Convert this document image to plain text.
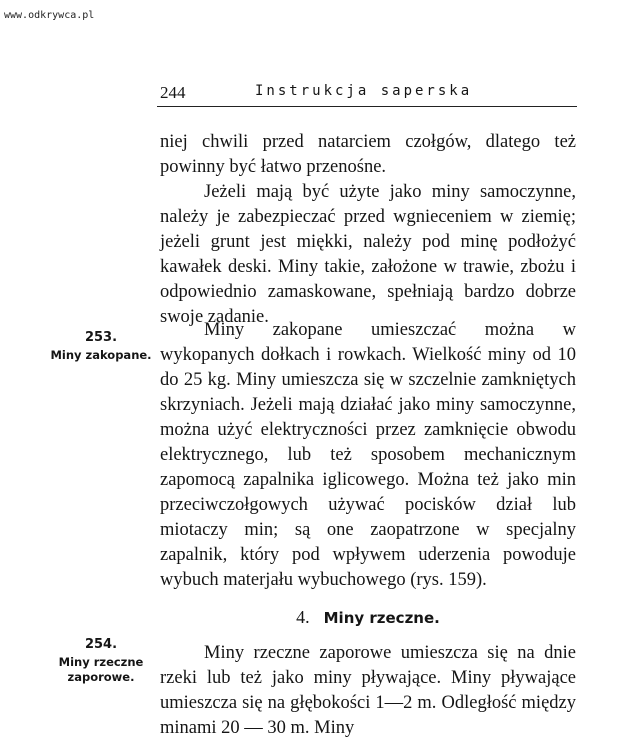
www.odkrywca.pl
244	Instrukcja saperska

niej chwili przed natarciem czołgów, dlatego też powinny być łatwo przenośne.

Jeżeli mają być użyte jako miny samoczynne, należy je zabezpieczać przed wgnieceniem w ziemię; jeżeli grunt jest miękki, należy pod minę podłożyć kawałek deski. Miny takie, założone w trawie, zbożu i odpowiednio zamaskowane, spełniają bardzo dobrze swoje zadanie.

Miny zakopane umieszczać można w wykopanych dołkach i rowkach. Wielkość miny od 10 do 25 kg. Miny umieszcza się w szczelnie zamkniętych skrzyniach. Jeżeli mają działać jako miny samoczynne, można użyć elektryczności przez zamknięcie obwodu elektrycznego, lub też sposobem mechanicznym zapomocą zapalnika iglicowego. Można też jako min przeciwczołgowych używać pocisków dział lub miotaczy min; są one zaopatrzone w specjalny zapalnik, który pod wpływem uderzenia powoduje wybuch materjału wybuchowego (rys. 159).

253.
Miny zakopane.
4. Miny rzeczne.

Miny rzeczne zaporowe umieszcza się na dnie rzeki lub też jako miny pływające. Miny pływające umieszcza się na głębokości 1—2 m. Odległość między minami 20 — 30 m. Miny

254.
Miny rzeczne zaporowe.
